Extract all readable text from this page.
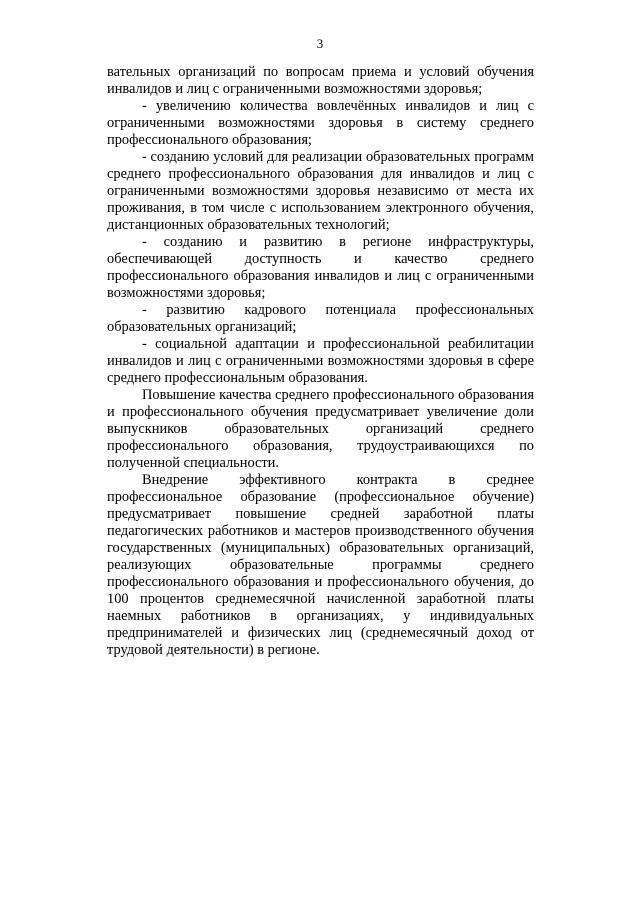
3

вательных организаций по вопросам приема и условий обучения инвалидов и лиц с ограниченными возможностями здоровья;

- увеличению количества вовлечённых инвалидов и лиц с ограниченными возможностями здоровья в систему среднего профессионального образования;

- созданию условий для реализации образовательных программ среднего профессионального образования для инвалидов и лиц с ограниченными возможностями здоровья независимо от места их проживания, в том числе с использованием электронного обучения, дистанционных образовательных технологий;

- созданию и развитию в регионе инфраструктуры, обеспечивающей доступность и качество среднего профессионального образования инвалидов и лиц с ограниченными возможностями здоровья;

- развитию кадрового потенциала профессиональных образовательных организаций;

- социальной адаптации и профессиональной реабилитации инвалидов и лиц с ограниченными возможностями здоровья в сфере среднего профессиональным образования.

Повышение качества среднего профессионального образования и профессионального обучения предусматривает увеличение доли выпускников образовательных организаций среднего профессионального образования, трудоустраивающихся по полученной специальности.

Внедрение эффективного контракта в среднее профессиональное образование (профессиональное обучение) предусматривает повышение средней заработной платы педагогических работников и мастеров производственного обучения государственных (муниципальных) образовательных организаций, реализующих образовательные программы среднего профессионального образования и профессионального обучения, до 100 процентов среднемесячной начисленной заработной платы наемных работников в организациях, у индивидуальных предпринимателей и физических лиц (среднемесячный доход от трудовой деятельности) в регионе.
